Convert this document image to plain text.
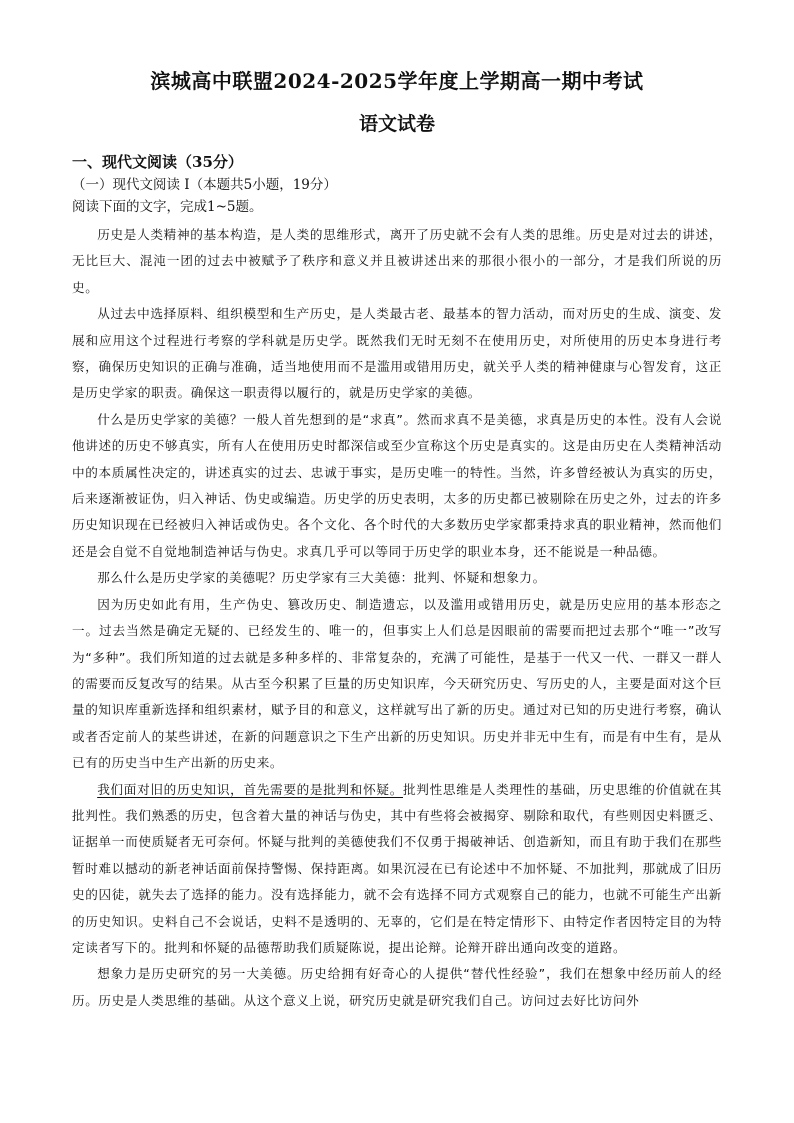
滨城高中联盟2024-2025学年度上学期高一期中考试
语文试卷

一、现代文阅读（35分）

（一）现代文阅读 I（本题共5小题，19分）

阅读下面的文字，完成1~5题。

历史是人类精神的基本构造，是人类的思维形式，离开了历史就不会有人类的思维。历史是对过去的讲述，无比巨大、混沌一团的过去中被赋予了秩序和意义并且被讲述出来的那很小很小的一部分，才是我们所说的历史。

从过去中选择原料、组织模型和生产历史，是人类最古老、最基本的智力活动，而对历史的生成、演变、发展和应用这个过程进行考察的学科就是历史学。既然我们无时无刻不在使用历史，对所使用的历史本身进行考察，确保历史知识的正确与准确，适当地使用而不是滥用或错用历史，就关乎人类的精神健康与心智发育，这正是历史学家的职责。确保这一职责得以履行的，就是历史学家的美德。

什么是历史学家的美德？一般人首先想到的是“求真”。然而求真不是美德，求真是历史的本性。没有人会说他讲述的历史不够真实，所有人在使用历史时都深信或至少宣称这个历史是真实的。这是由历史在人类精神活动中的本质属性决定的，讲述真实的过去、忠诚于事实，是历史唯一的特性。当然，许多曾经被认为真实的历史，后来逐渐被证伪，归入神话、伪史或编造。历史学的历史表明，太多的历史都已被剔除在历史之外，过去的许多历史知识现在已经被归入神话或伪史。各个文化、各个时代的大多数历史学家都秉持求真的职业精神，然而他们还是会自觉不自觉地制造神话与伪史。求真几乎可以等同于历史学的职业本身，还不能说是一种品德。

那么什么是历史学家的美德呢？历史学家有三大美德：批判、怀疑和想象力。

因为历史如此有用，生产伪史、篡改历史、制造遗忘，以及滥用或错用历史，就是历史应用的基本形态之一。过去当然是确定无疑的、已经发生的、唯一的，但事实上人们总是因眼前的需要而把过去那个“唯一”改写为“多种”。我们所知道的过去就是多种多样的、非常复杂的，充满了可能性，是基于一代又一代、一群又一群人的需要而反复改写的结果。从古至今积累了巨量的历史知识库，今天研究历史、写历史的人，主要是面对这个巨量的知识库重新选择和组织素材，赋予目的和意义，这样就写出了新的历史。通过对已知的历史进行考察，确认或者否定前人的某些讲述，在新的问题意识之下生产出新的历史知识。历史并非无中生有，而是有中生有，是从已有的历史当中生产出新的历史来。

我们面对旧的历史知识，首先需要的是批判和怀疑。批判性思维是人类理性的基础，历史思维的价值就在其批判性。我们熟悉的历史，包含着大量的神话与伪史，其中有些将会被揭穿、剔除和取代，有些则因史料匮乏、证据单一而使质疑者无可奈何。怀疑与批判的美德使我们不仅勇于揭破神话、创造新知，而且有助于我们在那些暂时难以撼动的新老神话面前保持警惕、保持距离。如果沉浸在已有论述中不加怀疑、不加批判，那就成了旧历史的囚徒，就失去了选择的能力。没有选择能力，就不会有选择不同方式观察自己的能力，也就不可能生产出新的历史知识。史料自己不会说话，史料不是透明的、无辜的，它们是在特定情形下、由特定作者因特定目的为特定读者写下的。批判和怀疑的品德帮助我们质疑陈说，提出论辩。论辩开辟出通向改变的道路。

想象力是历史研究的另一大美德。历史给拥有好奇心的人提供“替代性经验”，我们在想象中经历前人的经历。历史是人类思维的基础。从这个意义上说，研究历史就是研究我们自己。访问过去好比访问外
